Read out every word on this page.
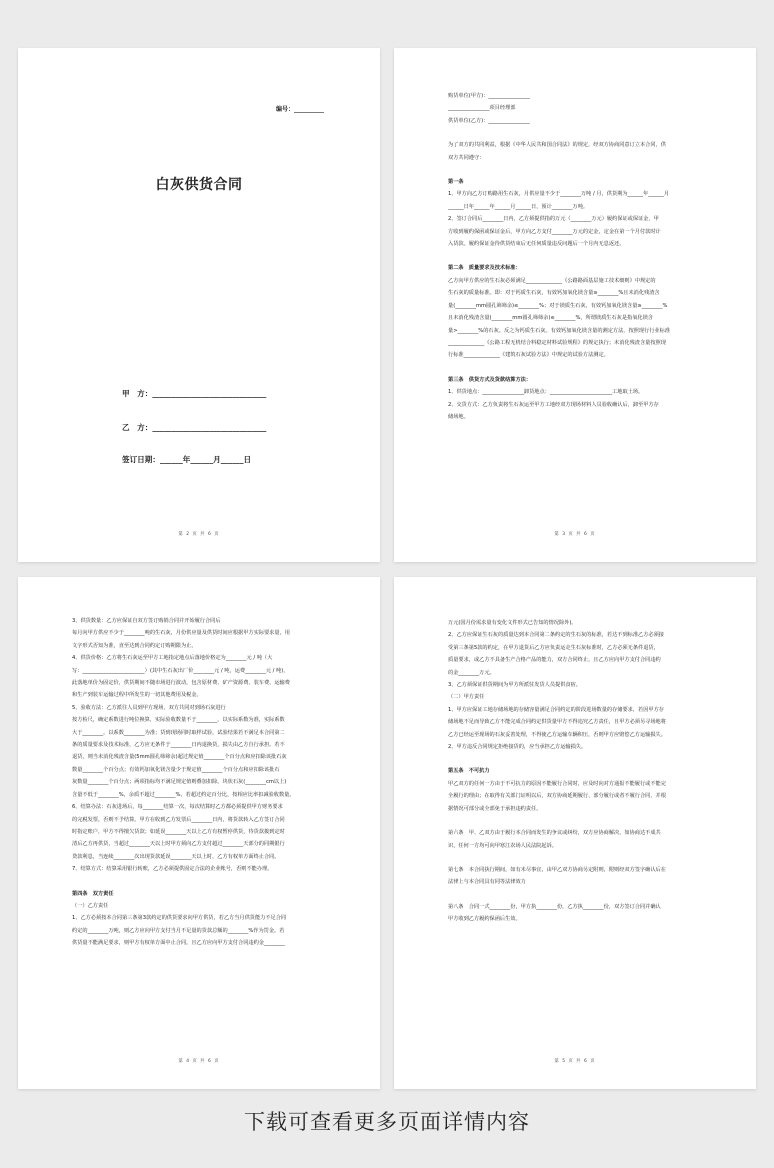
编号：__________
白灰供货合同
甲　方：______________________________
乙　方：______________________________
签订日期：______年______月______日
第 2 页 共 6 页

购货单位(甲方)：________________

________________项目经理部

供货单位(乙方)：________________

为了双方的共同利益，根据《中华人民共和国合同法》的规定，经双方协商同意订立本合同，供

双方共同遵守：

第一条

1、甲方向乙方订购路用生石灰，月供应量不少于________万吨 / 月，供货期为______年______月

______日年______年______月______日，预计________万吨。

2、签订合同后________日内，乙方须提供指的万元（________万元）履约保证或保证金，甲

方收到履约保函或保证金后，甲方向乙方支付________万元的定金，定金在第一个月付款时计

入货款。履约保证金待供货结束后无任何质量违反问题后一个月内无息返还。

第二条　质量要求及技术标准：

乙方向甲方供应的生石灰必须满足______________《公路路面基层施工技术细则》中规定的

生石灰的质量标准。即：对于钙质生石灰，有效钙加氧化镁含量≥________%且未消化残渣含

量(________mm圆孔筛筛余)≤________%；对于镁质生石灰，有效钙加氧化镁含量≥________%

且未消化残渣含量(________mm圆孔筛筛余)≤________%，所谓镁质生石灰是指氧化镁含

量>________%的石灰。反之为钙质生石灰。有效钙加氧化镁含量的测定方法，按照现行行业标准

______________《公路工程无机结合料稳定材料试验规程》的规定执行；未消化残渣含量按照现

行标准______________《建筑石灰试验方法》中规定的试验方法测定。

第三条　供货方式及货款结算方法：

1、供货地点：________________卸货地点：________________________工地取土场。

2、交货方式：乙方负责将生石灰运至甲方工地经双方现场材料人员验收确认后，卸至甲方存

储场地。

第 3 页 共 6 页

3、供货数量：乙方应保证自双方签订购销合同并开始履行合同后

每月向甲方供应不少于________吨的生石灰，月份供应量及供货时间应根据甲方实际要求量，用

文字形式否知为准，直至达到合同约定订购期限为止。

4、供货价格：乙方将生石灰运至甲方工地指定地点后落地价格定为________元 / 吨（大

写：________________________）(其中生石灰出厂价________元 / 吨，运费________元 / 吨)，

此落地单价为固定价，供货期间不随市场进行波动，包含原材费、矿产资源费、装车费、运输费

和生产到装车运输过程中所发生的一切其他费用及税金。

5、验收方法：乙方派往人员到甲方现场，双方共同对到场石灰进行

按方检尺，确定系数进行吨位换算，实际验收数量不于________，以实际系数为准，实际系数

大于________，以系数________为准；货到现场同时取样试验，试验结果若不满足本合同第二

条的质量要求及技术标准，乙方应无条件于________日内退换货，损失由乙方自行承担。若不

退货，则当未消化残渣含量(5mm圆孔筛筛余)超过规定值________个百分点和应扣除该批石灰

数量________个百分点；有效钙加氧化镁含量少于规定值________个百分点和应扣除该批石

灰数量________个百分点；两项指标均不满足规定值则叠加扣除。块状石灰(________cm以上)

含量不低于________%，余质不超过________%，若超过约定百分比，按相应比率扣减验收数量。

6、结算办法：石灰进场后，每________结算一次，每次结算时乙方都必须提供甲方财务要求

的完税发票，否则不予结算。甲方在收到乙方发票后________日内，将货款转入乙方签订合同

时指定账户，甲方不得擅欠货款；如延误________天以上乙方有权暂停供货，待货款拨到定时

清后乙方再供货，当超过________天以上时甲方须向乙方支付超过________天部分的同期银行

贷款利息，当连续________次出现货款延误________天以上时，乙方有权单方面终止合同。

7、结算方式：结算采用银行转账，乙方必须提供固定合法的企业帐号，否则不能办理。

第四条　双方责任

（一）乙方责任

1、乙方必须按本合同第三条第3款约定的供货要求向甲方供货，若乙方当月供货能力不足合同

约定的________万吨，则乙方应向甲方支付当月不足量的货款总额的________%作为罚金。若

供货量不能满足要求，则甲方有权单方面中止合同，且乙方应向甲方支付合同违约金________

第 4 页 共 6 页

万元(国月份需求量有变化文件形式已告知的情况除外)。

2、乙方应保证生石灰的质量达到本合同第二条约定的生石灰的标准，若达不到标准乙方必须接

受第三条第5款的约定，在甲方退货后乙方应负责运走生石灰标准时，乙方必须无条件退货，

质量要求，或乙方不具备生产合格产品的能力，双方合同终止，且乙方应向甲方支付合同违约

的金________万元。

3、乙方须保证供货期间为甲方所派驻发货人员提供食宿。

（二）甲方责任

1、甲方应保证工地存储场地的存储容量满足合同约定的阶段进场数量的存储要求，若因甲方存

储场地不足而导致乙方不能完成合同约定供货量甲方不得追究乙方责任，且甲方必须另寻场地将

乙方已经运至现场的石灰妥善处理，不得使乙方运输车辆积压，否则甲方应赔偿乙方运输损失。

2、甲方违反合同规定拒绝接货的，应当承担乙方运输损失。

第五条　不可抗力

甲乙双方的任何一方由于不可抗力的原因不能履行合同时，应及时向对方通报不能履行或不能完

全履行的理由；在取得有关部门证明以后，双方协商延期履行、部分履行或者不履行合同，并根

据情况可部分或全部免于承担违约责任。

第六条　甲、乙双方由于履行本合同而发生的争议或纠纷，双方应协商解决，如协商达不成共

识，任何一方均可向甲寒江农场人民法院起诉。

第七条　本合同执行期间，如有未尽事宜，由甲乙双方协商另定附则，附则经双方签字确认后在

法律上与本合同具有同等法律效力

第八条　合同一式________份，甲方执________份，乙方执________份，双方签订合同并确认

甲方收到乙方履约保函后生效。

第 5 页 共 6 页
下载可查看更多页面详情内容
